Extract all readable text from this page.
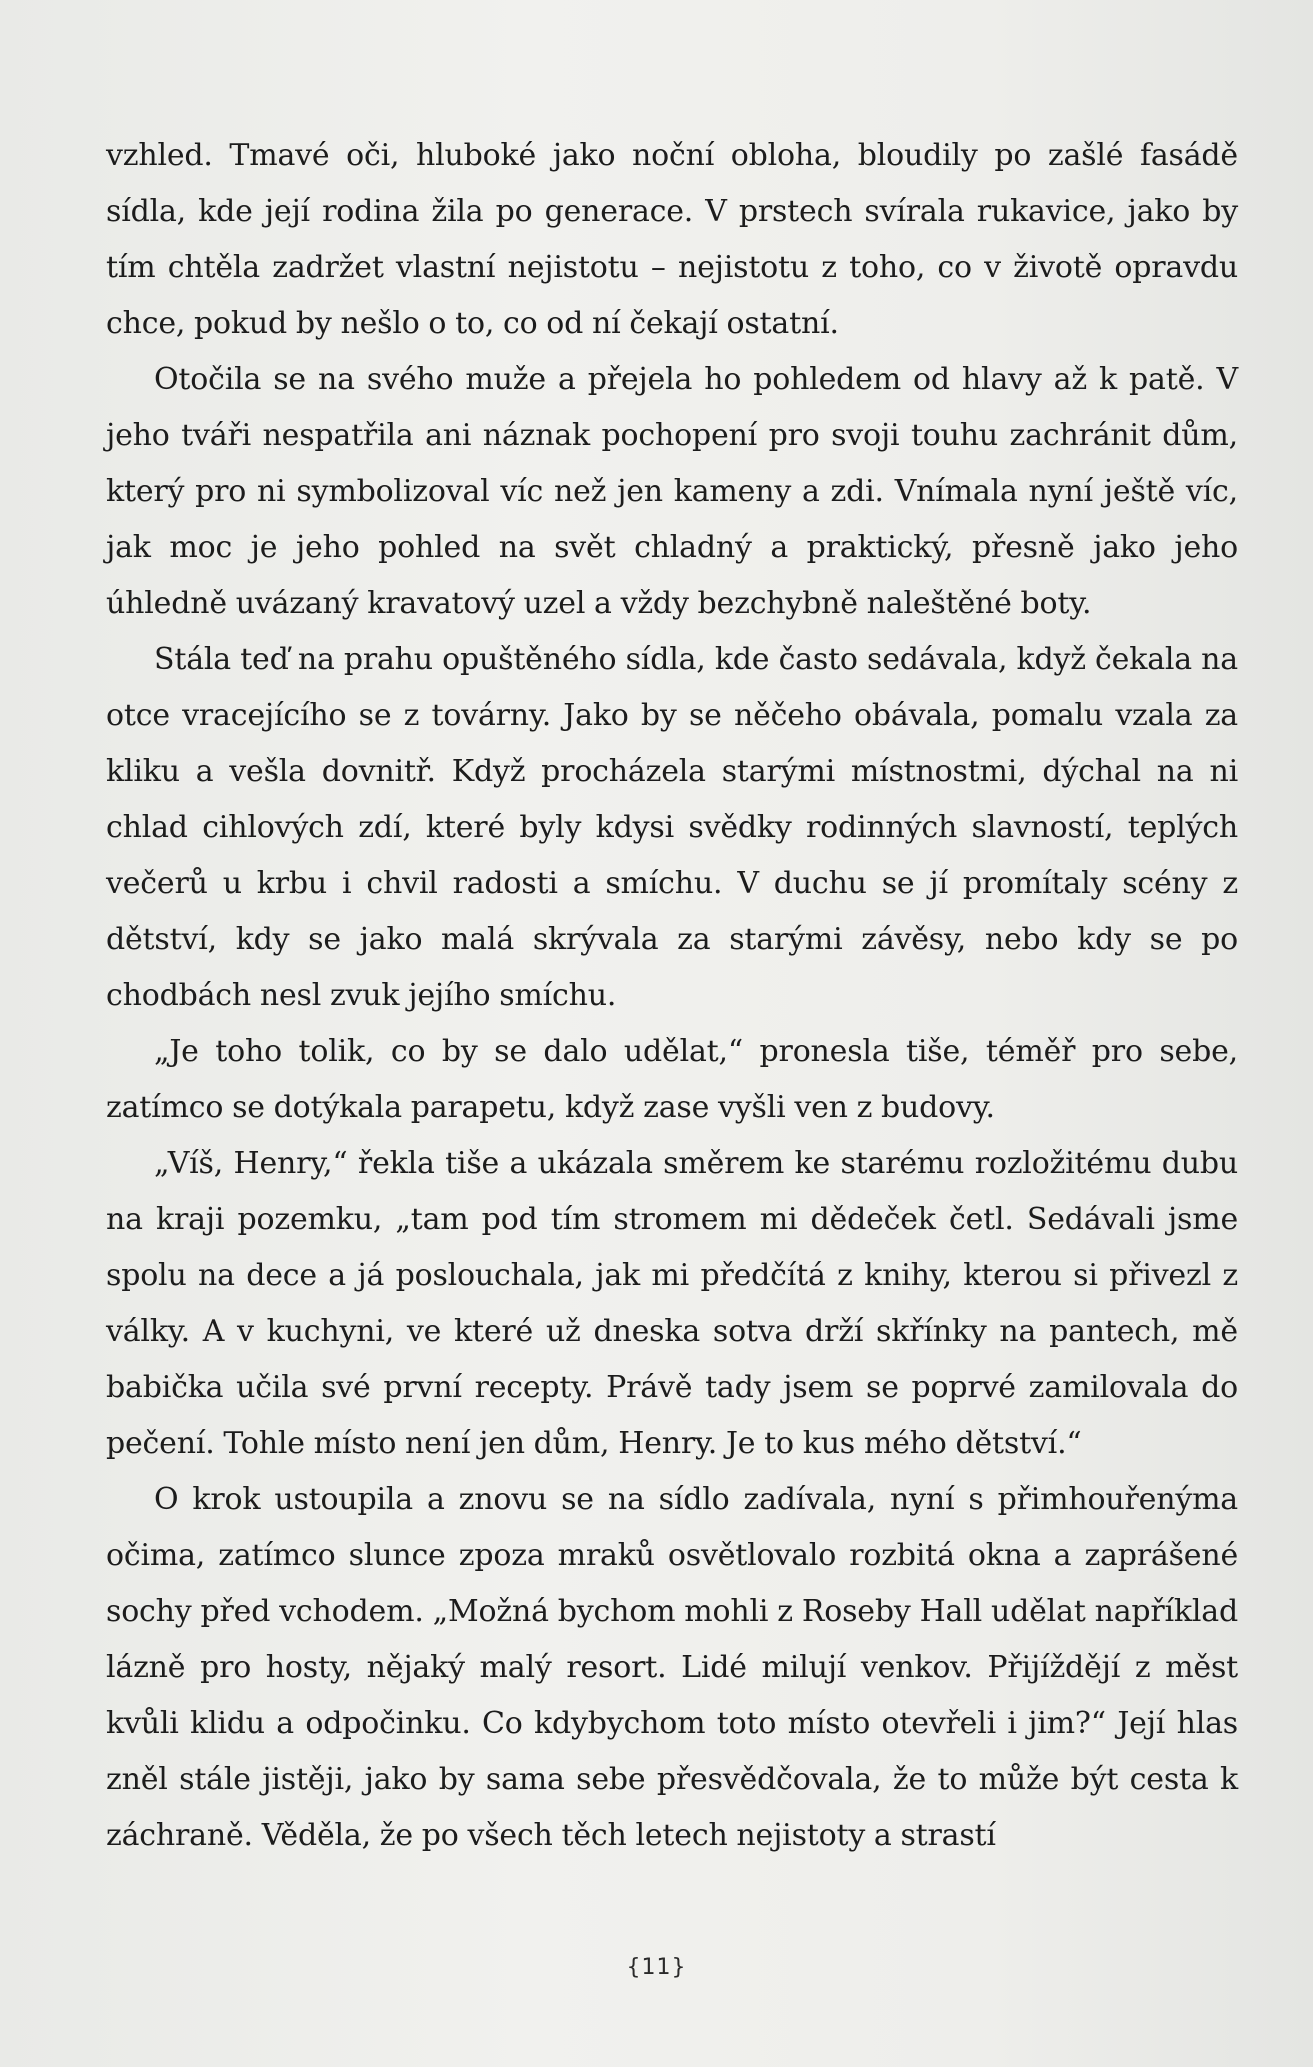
vzhled. Tmavé oči, hluboké jako noční obloha, bloudily po zašlé fasádě sídla, kde její rodina žila po generace. V prstech svírala rukavice, jako by tím chtěla zadržet vlastní nejistotu – nejistotu z toho, co v životě opravdu chce, pokud by nešlo o to, co od ní čekají ostatní.

Otočila se na svého muže a přejela ho pohledem od hlavy až k patě. V jeho tváři nespatřila ani náznak pochopení pro svoji touhu zachránit dům, který pro ni symbolizoval víc než jen kameny a zdi. Vnímala nyní ještě víc, jak moc je jeho pohled na svět chladný a praktický, přesně jako jeho úhledně uvázaný kravatový uzel a vždy bezchybně naleštěné boty.

Stála teď na prahu opuštěného sídla, kde často sedávala, když čekala na otce vracejícího se z továrny. Jako by se něčeho obávala, pomalu vzala za kliku a vešla dovnitř. Když procházela starými místnostmi, dýchal na ni chlad cihlových zdí, které byly kdysi svědky rodinných slavností, teplých večerů u krbu i chvil radosti a smíchu. V duchu se jí promítaly scény z dětství, kdy se jako malá skrývala za starými závěsy, nebo kdy se po chodbách nesl zvuk jejího smíchu.

„Je toho tolik, co by se dalo udělat,“ pronesla tiše, téměř pro sebe, zatímco se dotýkala parapetu, když zase vyšli ven z budovy.

„Víš, Henry,“ řekla tiše a ukázala směrem ke starému rozložitému dubu na kraji pozemku, „tam pod tím stromem mi dědeček četl. Sedávali jsme spolu na dece a já poslouchala, jak mi předčítá z knihy, kterou si přivezl z války. A v kuchyni, ve které už dneska sotva drží skřínky na pantech, mě babička učila své první recepty. Právě tady jsem se poprvé zamilovala do pečení. Tohle místo není jen dům, Henry. Je to kus mého dětství.“

O krok ustoupila a znovu se na sídlo zadívala, nyní s přimhouřenýma očima, zatímco slunce zpoza mraků osvětlovalo rozbitá okna a zaprášené sochy před vchodem. „Možná bychom mohli z Roseby Hall udělat například lázně pro hosty, nějaký malý resort. Lidé milují venkov. Přijíždějí z měst kvůli klidu a odpočinku. Co kdybychom toto místo otevřeli i jim?“ Její hlas zněl stále jistěji, jako by sama sebe přesvědčovala, že to může být cesta k záchraně. Věděla, že po všech těch letech nejistoty a strastí

{11}
